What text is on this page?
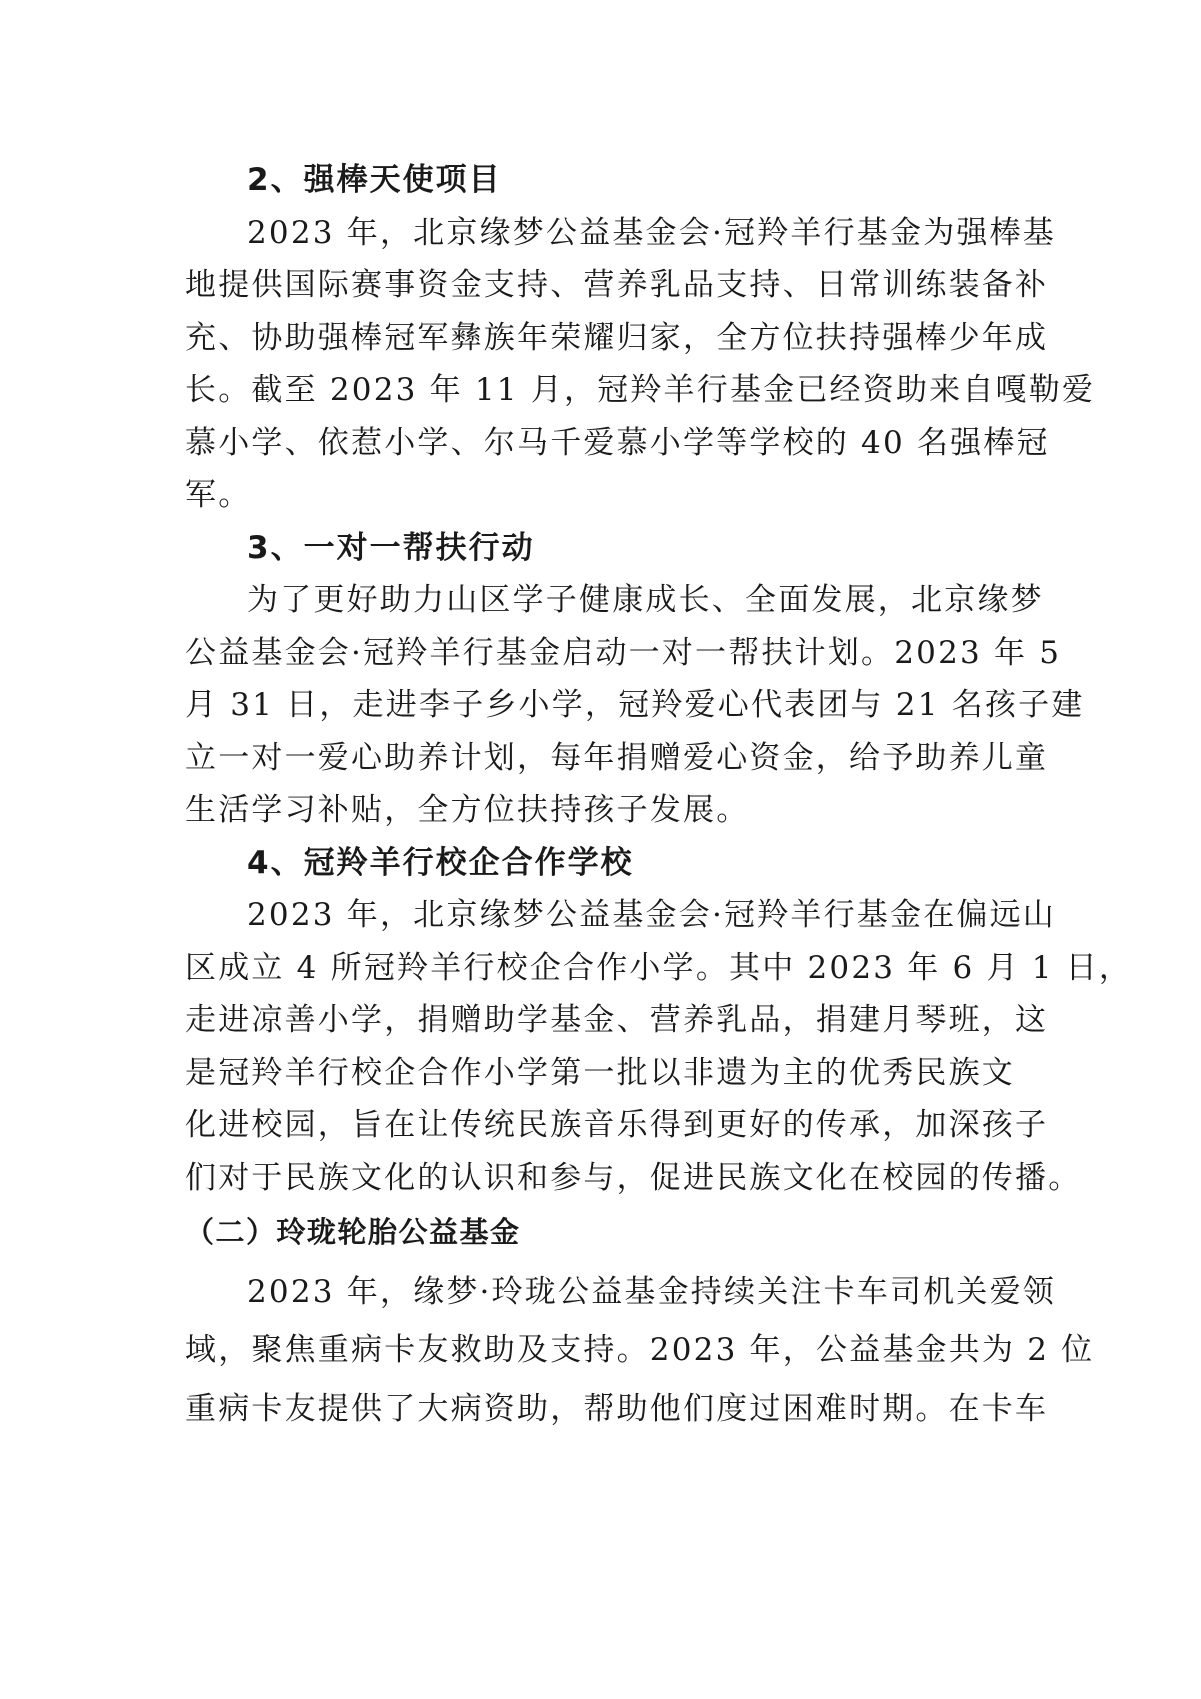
2、强棒天使项目
2023 年，北京缘梦公益基金会·冠羚羊行基金为强棒基
地提供国际赛事资金支持、营养乳品支持、日常训练装备补
充、协助强棒冠军彝族年荣耀归家，全方位扶持强棒少年成
长。截至 2023 年 11 月，冠羚羊行基金已经资助来自嘎勒爱
慕小学、依惹小学、尔马千爱慕小学等学校的 40 名强棒冠
军。
3、一对一帮扶行动
为了更好助力山区学子健康成长、全面发展，北京缘梦
公益基金会·冠羚羊行基金启动一对一帮扶计划。2023 年 5
月 31 日，走进李子乡小学，冠羚爱心代表团与 21 名孩子建
立一对一爱心助养计划，每年捐赠爱心资金，给予助养儿童
生活学习补贴，全方位扶持孩子发展。
4、冠羚羊行校企合作学校
2023 年，北京缘梦公益基金会·冠羚羊行基金在偏远山
区成立 4 所冠羚羊行校企合作小学。其中 2023 年 6 月 1 日，
走进凉善小学，捐赠助学基金、营养乳品，捐建月琴班，这
是冠羚羊行校企合作小学第一批以非遗为主的优秀民族文
化进校园，旨在让传统民族音乐得到更好的传承，加深孩子
们对于民族文化的认识和参与，促进民族文化在校园的传播。
（二）玲珑轮胎公益基金
2023 年，缘梦·玲珑公益基金持续关注卡车司机关爱领
域，聚焦重病卡友救助及支持。2023 年，公益基金共为 2 位
重病卡友提供了大病资助，帮助他们度过困难时期。在卡车
